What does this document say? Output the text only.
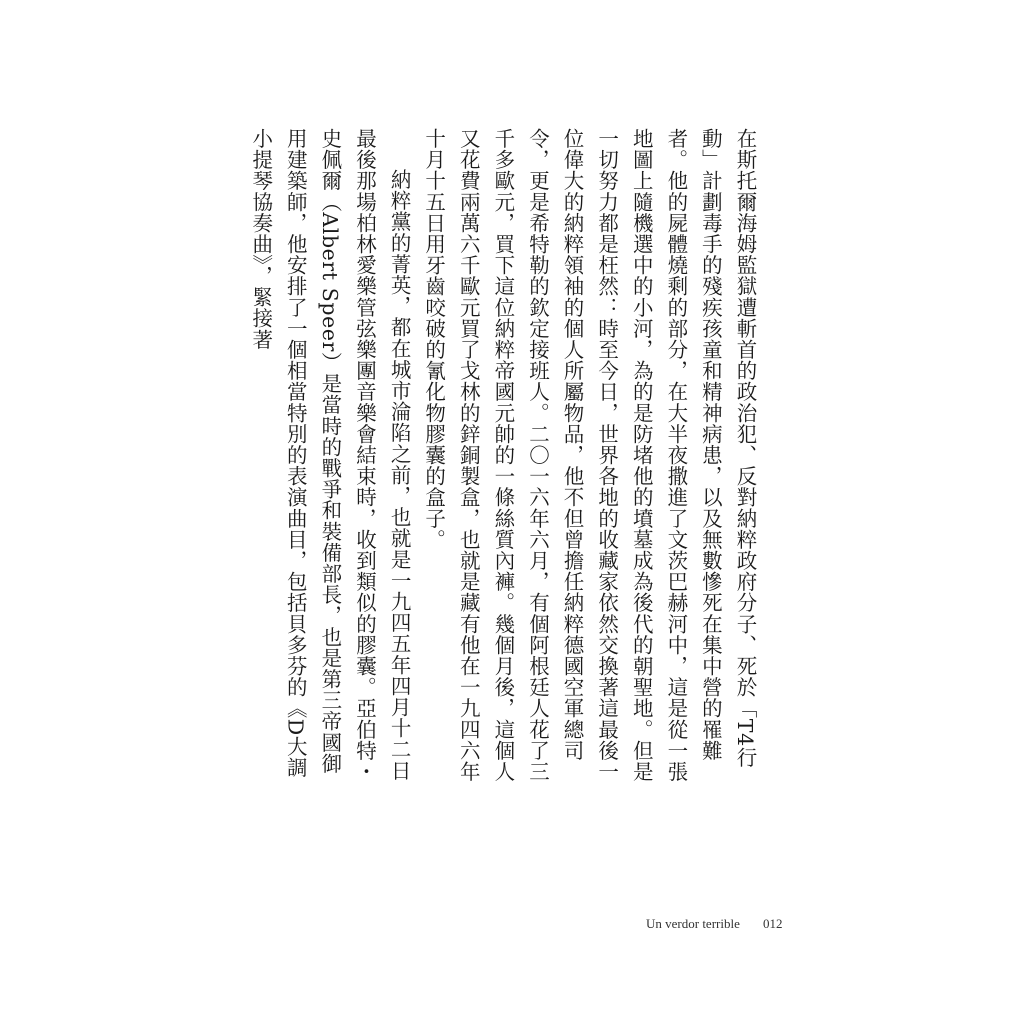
在斯托爾海姆監獄遭斬首的政治犯、反對納粹政府分子、死於「T4行動」計劃毒手的殘疾孩童和精神病患，以及無數慘死在集中營的罹難者。他的屍體燒剩的部分，在大半夜撒進了文茨巴赫河中，這是從一張地圖上隨機選中的小河，為的是防堵他的墳墓成為後代的朝聖地。但是一切努力都是枉然：時至今日，世界各地的收藏家依然交換著這最後一位偉大的納粹領袖的個人所屬物品，他不但曾擔任納粹德國空軍總司令，更是希特勒的欽定接班人。二〇一六年六月，有個阿根廷人花了三千多歐元，買下這位納粹帝國元帥的一條絲質內褲。幾個月後，這個人又花費兩萬六千歐元買了戈林的鋅銅製盒，也就是藏有他在一九四六年十月十五日用牙齒咬破的氰化物膠囊的盒子。

納粹黨的菁英，都在城市淪陷之前，也就是一九四五年四月十二日最後那場柏林愛樂管弦樂團音樂會結束時，收到類似的膠囊。亞伯特・史佩爾（Albert Speer）是當時的戰爭和裝備部長，也是第三帝國御用建築師，他安排了一個相當特別的表演曲目，包括貝多芬的《D大調小提琴協奏曲》，緊接著

Un verdor terrible 012
